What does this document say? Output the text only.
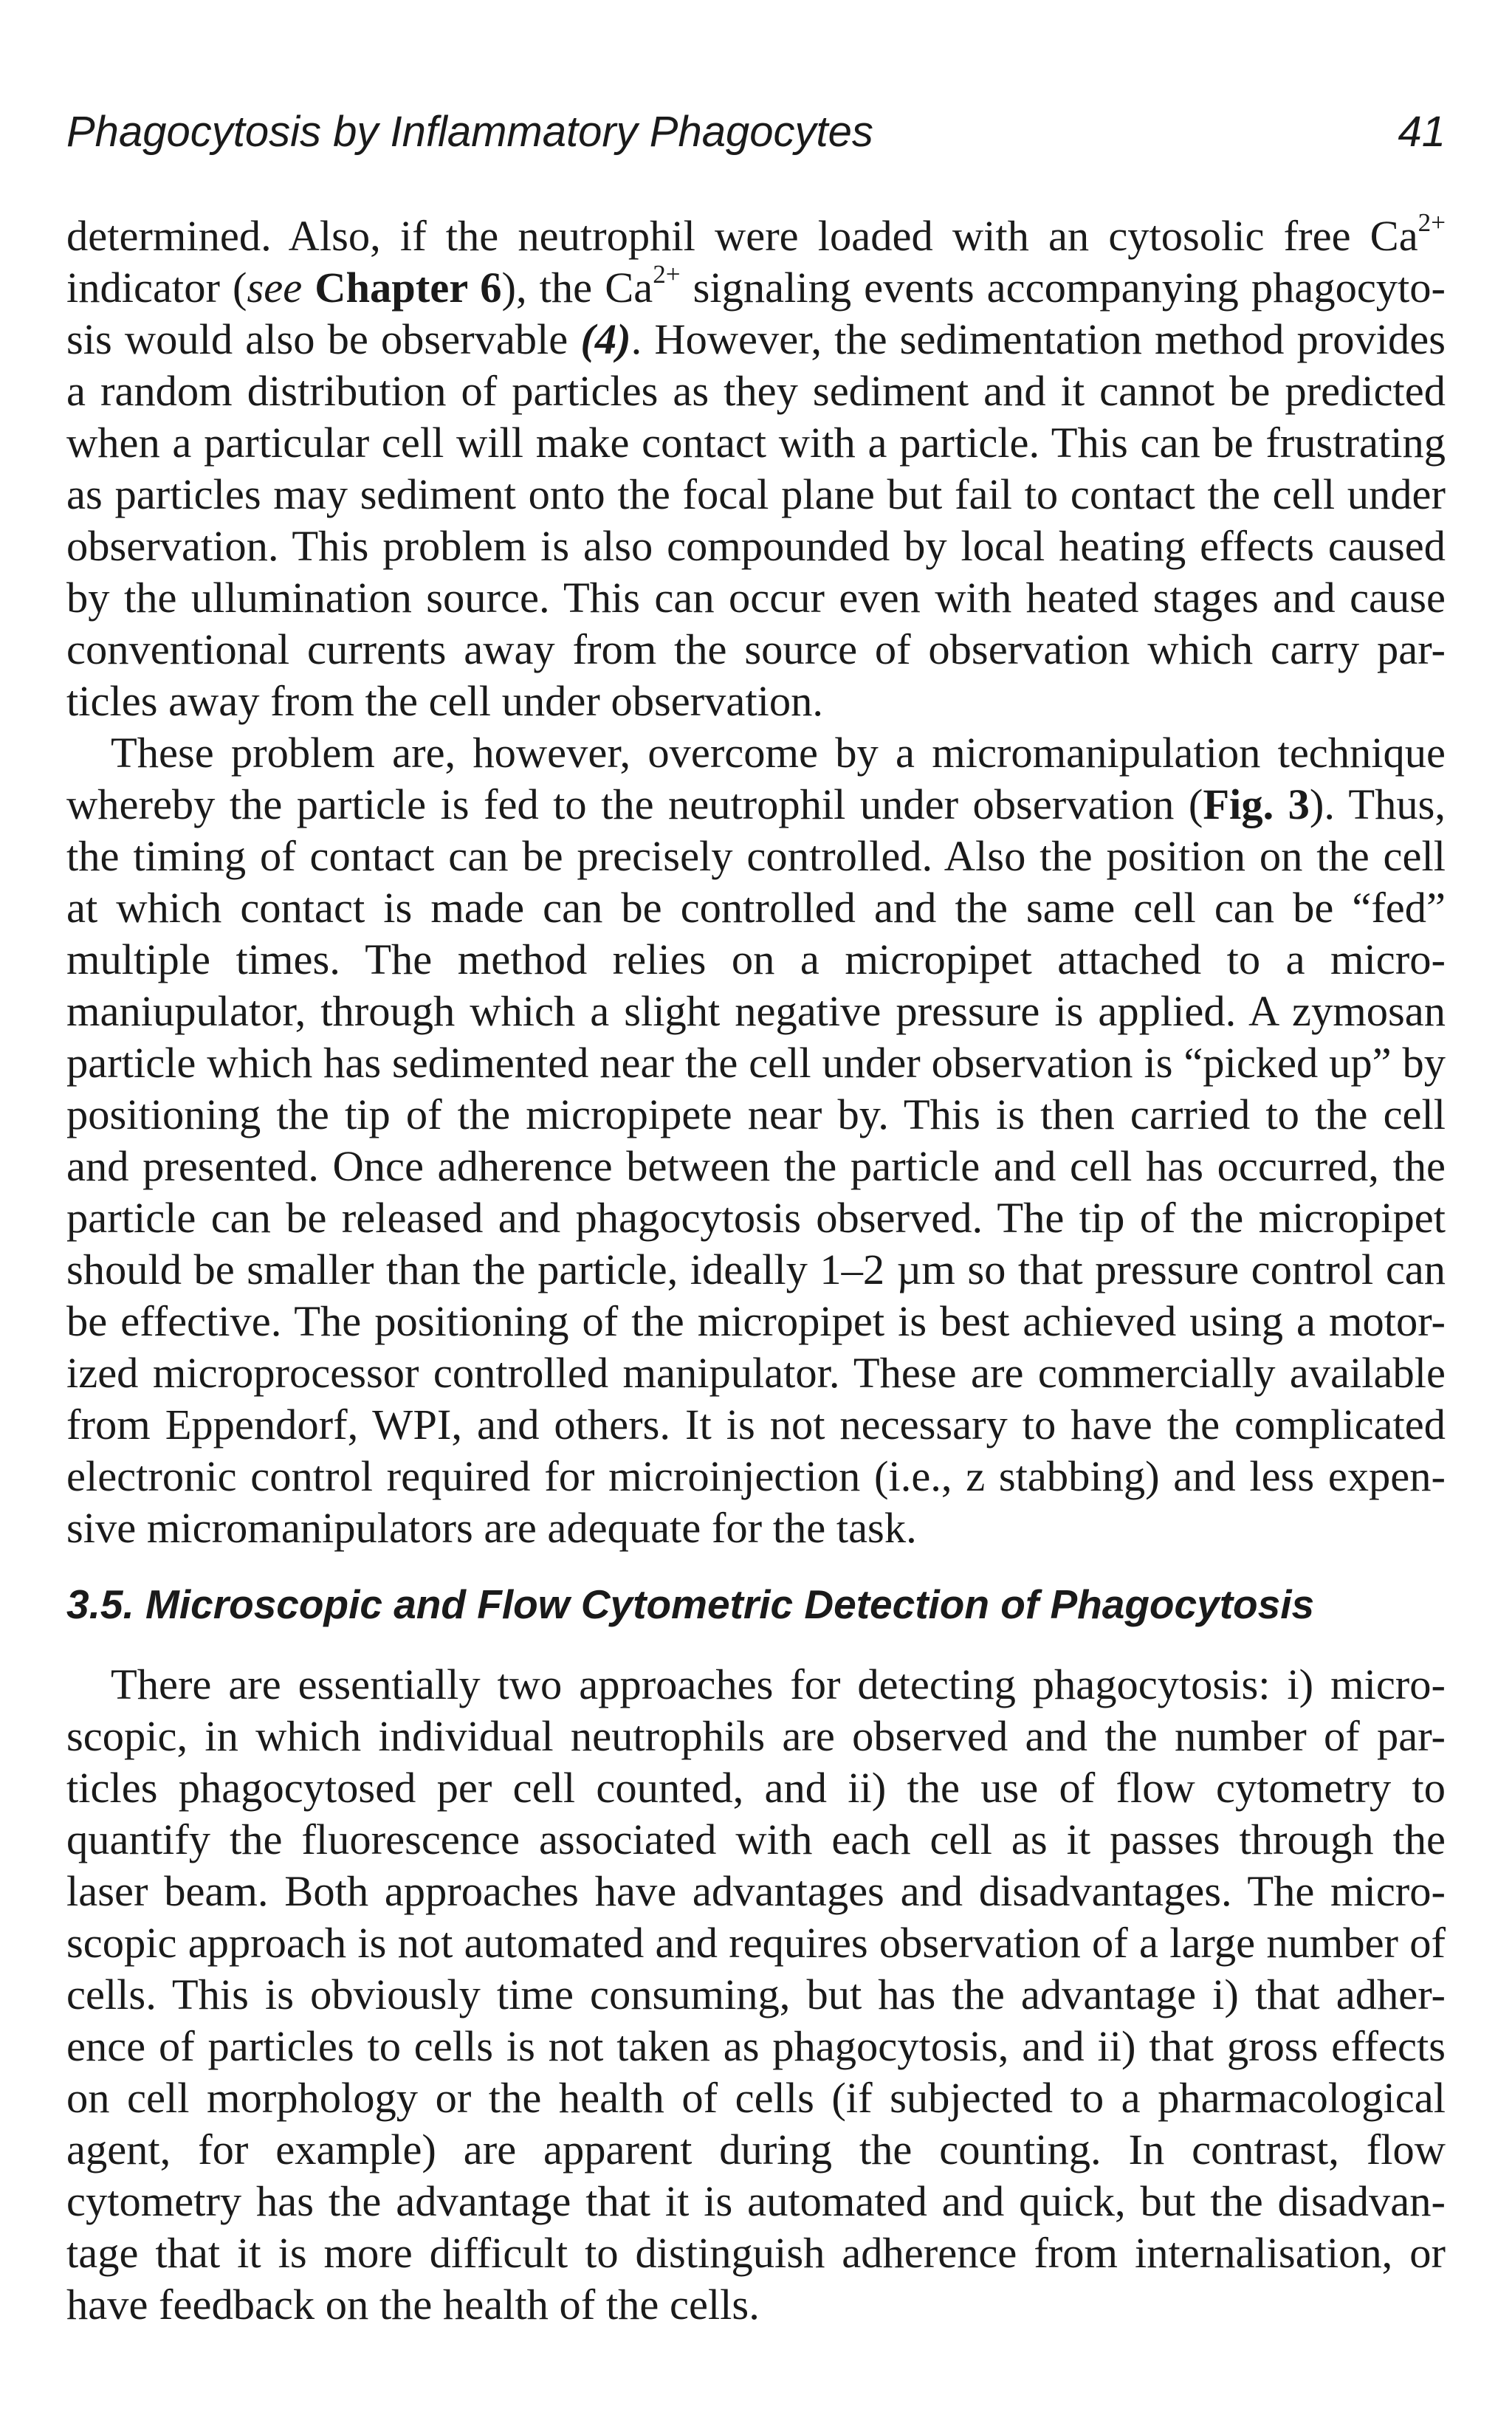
Phagocytosis by Inflammatory Phagocytes	41

determined. Also, if the neutrophil were loaded with an cytosolic free $Ca^{2+}$ indicator (see Chapter 6), the $Ca^{2+}$ signaling events accompanying phagocyto-sis would also be observable (4). However, the sedimentation method provides a random distribution of particles as they sediment and it cannot be predicted when a particular cell will make contact with a particle. This can be frustrating as particles may sediment onto the focal plane but fail to contact the cell under observation. This problem is also compounded by local heating effects caused by the ullumination source. This can occur even with heated stages and cause conventional currents away from the source of observation which carry par-ticles away from the cell under observation.

These problem are, however, overcome by a micromanipulation technique whereby the particle is fed to the neutrophil under observation (Fig. 3). Thus, the timing of contact can be precisely controlled. Also the position on the cell at which contact is made can be controlled and the same cell can be “fed” multiple times. The method relies on a micropipet attached to a micro-maniupulator, through which a slight negative pressure is applied. A zymosan particle which has sedimented near the cell under observation is “picked up” by positioning the tip of the micropipete near by. This is then carried to the cell and presented. Once adherence between the particle and cell has occurred, the particle can be released and phagocytosis observed. The tip of the micropipet should be smaller than the particle, ideally 1–2 µm so that pressure control can be effective. The positioning of the micropipet is best achieved using a motor-ized microprocessor controlled manipulator. These are commercially available from Eppendorf, WPI, and others. It is not necessary to have the complicated electronic control required for microinjection (i.e., z stabbing) and less expen-sive micromanipulators are adequate for the task.

3.5. Microscopic and Flow Cytometric Detection of Phagocytosis

There are essentially two approaches for detecting phagocytosis: i) micro-scopic, in which individual neutrophils are observed and the number of par-ticles phagocytosed per cell counted, and ii) the use of flow cytometry to quantify the fluorescence associated with each cell as it passes through the laser beam. Both approaches have advantages and disadvantages. The micro-scopic approach is not automated and requires observation of a large number of cells. This is obviously time consuming, but has the advantage i) that adher-ence of particles to cells is not taken as phagocytosis, and ii) that gross effects on cell morphology or the health of cells (if subjected to a pharmacological agent, for example) are apparent during the counting. In contrast, flow cytometry has the advantage that it is automated and quick, but the disadvan-tage that it is more difficult to distinguish adherence from internalisation, or have feedback on the health of the cells.
